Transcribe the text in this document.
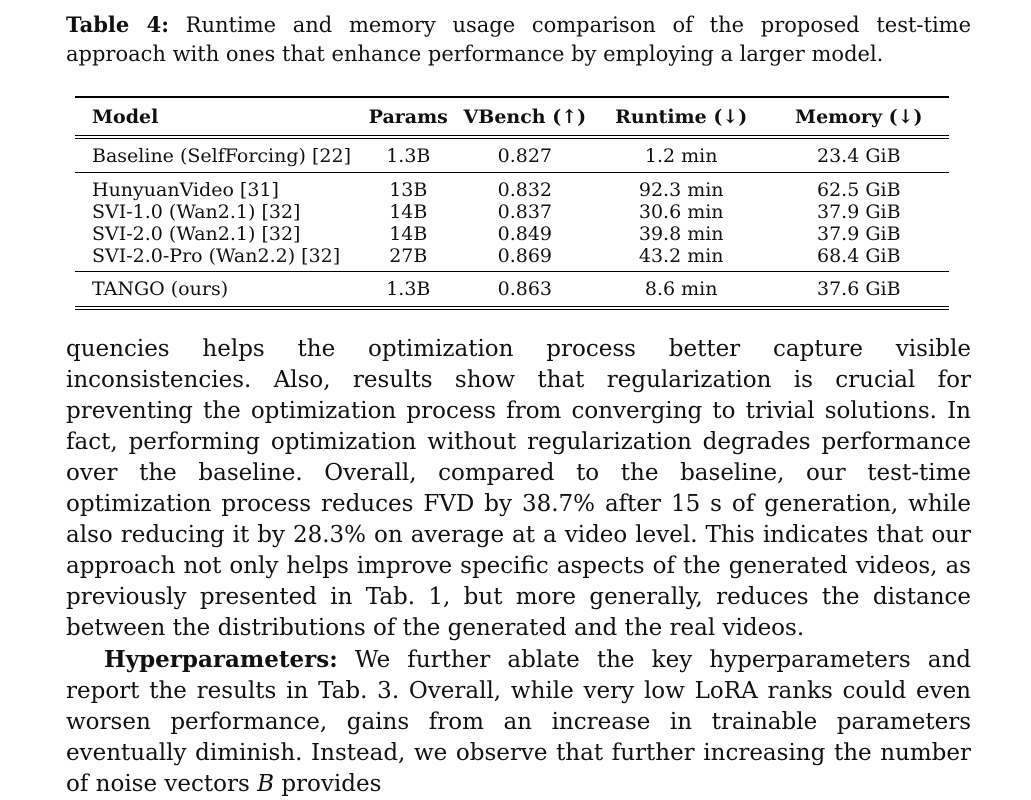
Table 4: Runtime and memory usage comparison of the proposed test-time approach with ones that enhance performance by employing a larger model.
Model	Params	VBench (↑)	Runtime (↓)	Memory (↓)
Baseline (SelfForcing) [22]	1.3B	0.827	1.2 min	23.4 GiB
HunyuanVideo [31]	13B	0.832	92.3 min	62.5 GiB
SVI-1.0 (Wan2.1) [32]	14B	0.837	30.6 min	37.9 GiB
SVI-2.0 (Wan2.1) [32]	14B	0.849	39.8 min	37.9 GiB
SVI-2.0-Pro (Wan2.2) [32]	27B	0.869	43.2 min	68.4 GiB
TANGO (ours)	1.3B	0.863	8.6 min	37.6 GiB

quencies helps the optimization process better capture visible inconsistencies. Also, results show that regularization is crucial for preventing the optimization process from converging to trivial solutions. In fact, performing optimization without regularization degrades performance over the baseline. Overall, compared to the baseline, our test-time optimization process reduces FVD by 38.7% after 15 s of generation, while also reducing it by 28.3% on average at a video level. This indicates that our approach not only helps improve specific aspects of the generated videos, as previously presented in Tab. 1, but more generally, reduces the distance between the distributions of the generated and the real videos.

Hyperparameters: We further ablate the key hyperparameters and report the results in Tab. 3. Overall, while very low LoRA ranks could even worsen performance, gains from an increase in trainable parameters eventually diminish. Instead, we observe that further increasing the number of noise vectors B provides
